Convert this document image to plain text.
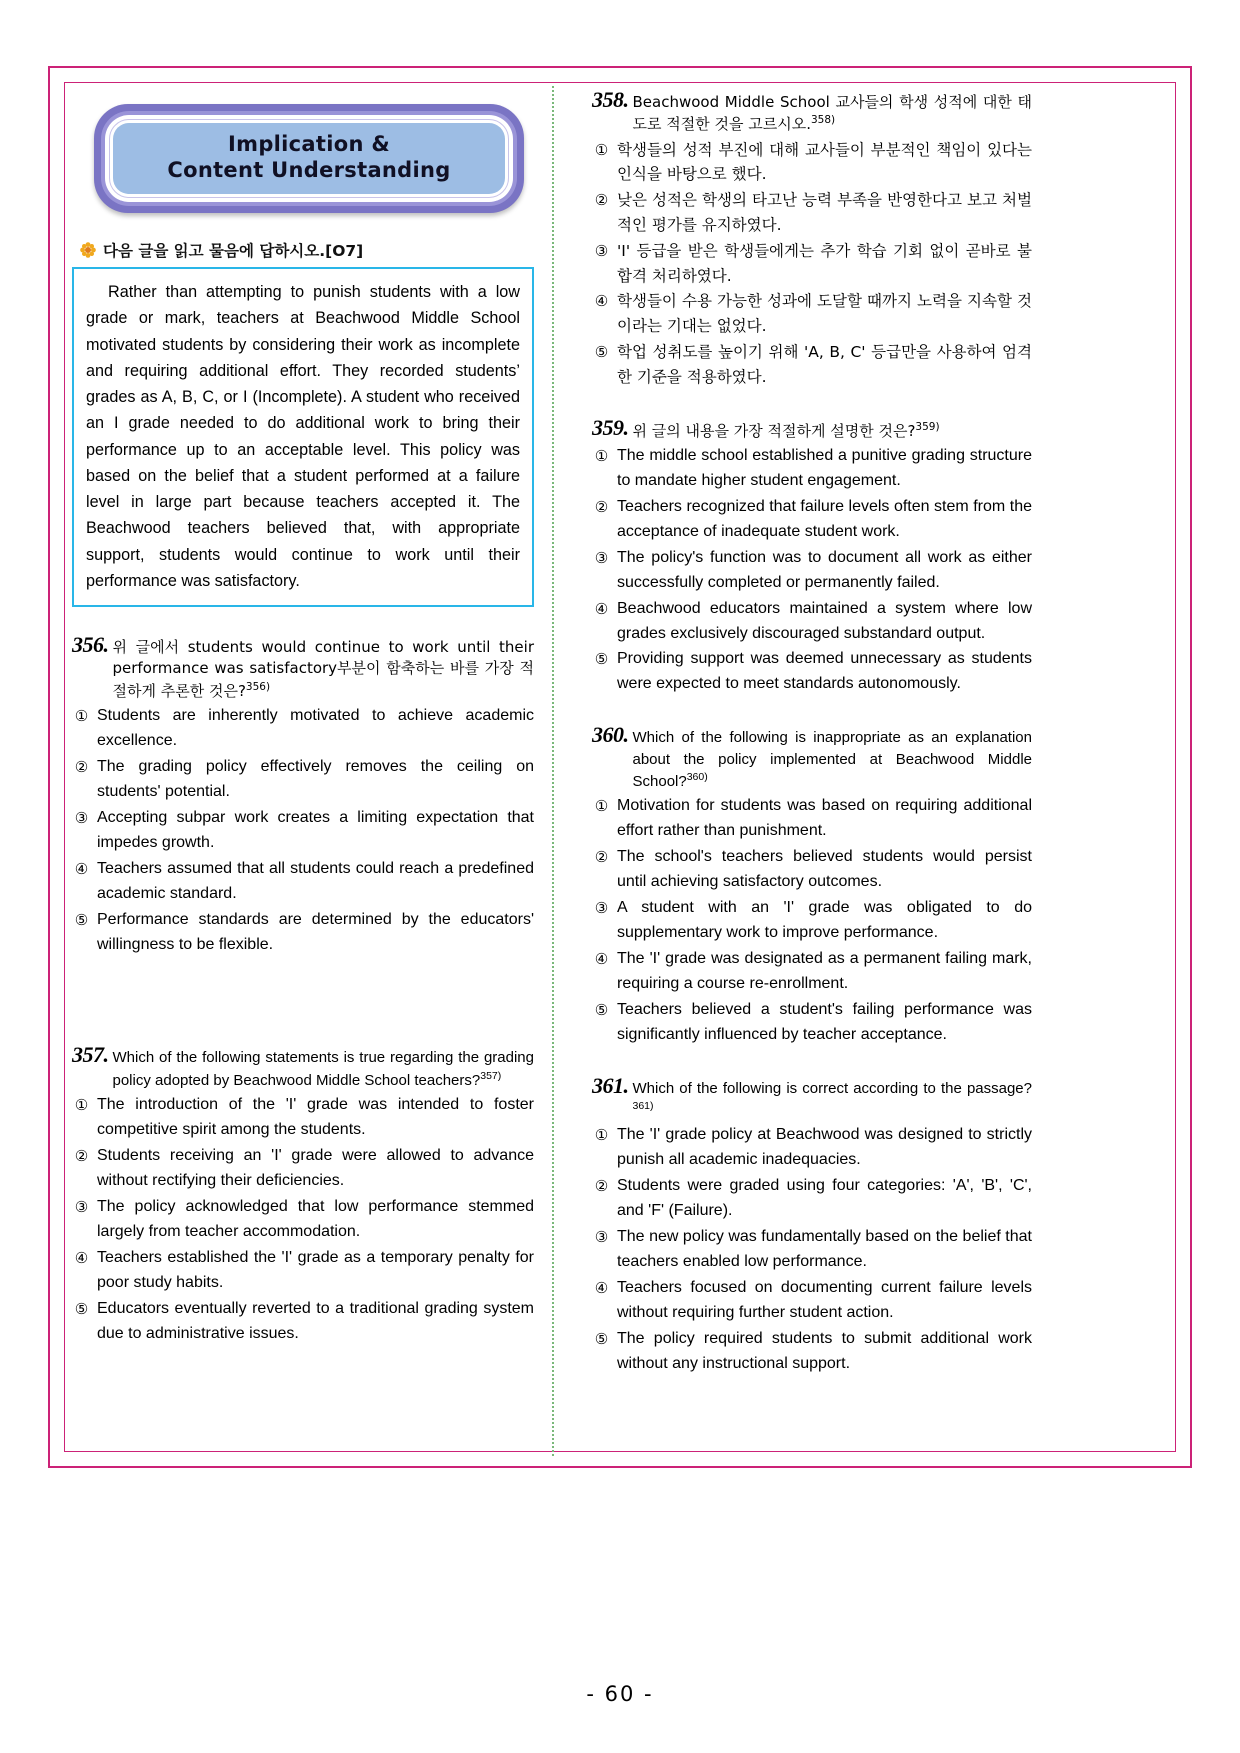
Implication &
Content Understanding
다음 글을 읽고 물음에 답하시오.[O7]

Rather than attempting to punish students with a low grade or mark, teachers at Beachwood Middle School motivated students by considering their work as incomplete and requiring additional effort. They recorded students’ grades as A, B, C, or I (Incomplete). A student who received an I grade needed to do additional work to bring their performance up to an acceptable level. This policy was based on the belief that a student performed at a failure level in large part because teachers accepted it. The Beachwood teachers believed that, with appropriate support, students would continue to work until their performance was satisfactory.

356. 위 글에서 students would continue to work until their performance was satisfactory부분이 함축하는 바를 가장 적절하게 추론한 것은?$^{356)}$
① Students are inherently motivated to achieve academic excellence.
② The grading policy effectively removes the ceiling on students' potential.
③ Accepting subpar work creates a limiting expectation that impedes growth.
④ Teachers assumed that all students could reach a predefined academic standard.
⑤ Performance standards are determined by the educators' willingness to be flexible.
357. Which of the following statements is true regarding the grading policy adopted by Beachwood Middle School teachers?$^{357)}$
① The introduction of the 'I' grade was intended to foster competitive spirit among the students.
② Students receiving an 'I' grade were allowed to advance without rectifying their deficiencies.
③ The policy acknowledged that low performance stemmed largely from teacher accommodation.
④ Teachers established the 'I' grade as a temporary penalty for poor study habits.
⑤ Educators eventually reverted to a traditional grading system due to administrative issues.
358. Beachwood Middle School 교사들의 학생 성적에 대한 태도로 적절한 것을 고르시오.$^{358)}$
① 학생들의 성적 부진에 대해 교사들이 부분적인 책임이 있다는 인식을 바탕으로 했다.
② 낮은 성적은 학생의 타고난 능력 부족을 반영한다고 보고 처벌적인 평가를 유지하였다.
③ 'I' 등급을 받은 학생들에게는 추가 학습 기회 없이 곧바로 불합격 처리하였다.
④ 학생들이 수용 가능한 성과에 도달할 때까지 노력을 지속할 것이라는 기대는 없었다.
⑤ 학업 성취도를 높이기 위해 'A, B, C' 등급만을 사용하여 엄격한 기준을 적용하였다.
359. 위 글의 내용을 가장 적절하게 설명한 것은?$^{359)}$
① The middle school established a punitive grading structure to mandate higher student engagement.
② Teachers recognized that failure levels often stem from the acceptance of inadequate student work.
③ The policy's function was to document all work as either successfully completed or permanently failed.
④ Beachwood educators maintained a system where low grades exclusively discouraged substandard output.
⑤ Providing support was deemed unnecessary as students were expected to meet standards autonomously.
360. Which of the following is inappropriate as an explanation about the policy implemented at Beachwood Middle School?$^{360)}$
① Motivation for students was based on requiring additional effort rather than punishment.
② The school's teachers believed students would persist until achieving satisfactory outcomes.
③ A student with an 'I' grade was obligated to do supplementary work to improve performance.
④ The 'I' grade was designated as a permanent failing mark, requiring a course re-enrollment.
⑤ Teachers believed a student's failing performance was significantly influenced by teacher acceptance.
361. Which of the following is correct according to the passage?$^{361)}$
① The 'I' grade policy at Beachwood was designed to strictly punish all academic inadequacies.
② Students were graded using four categories: 'A', 'B', 'C', and 'F' (Failure).
③ The new policy was fundamentally based on the belief that teachers enabled low performance.
④ Teachers focused on documenting current failure levels without requiring further student action.
⑤ The policy required students to submit additional work without any instructional support.
- 60 -
